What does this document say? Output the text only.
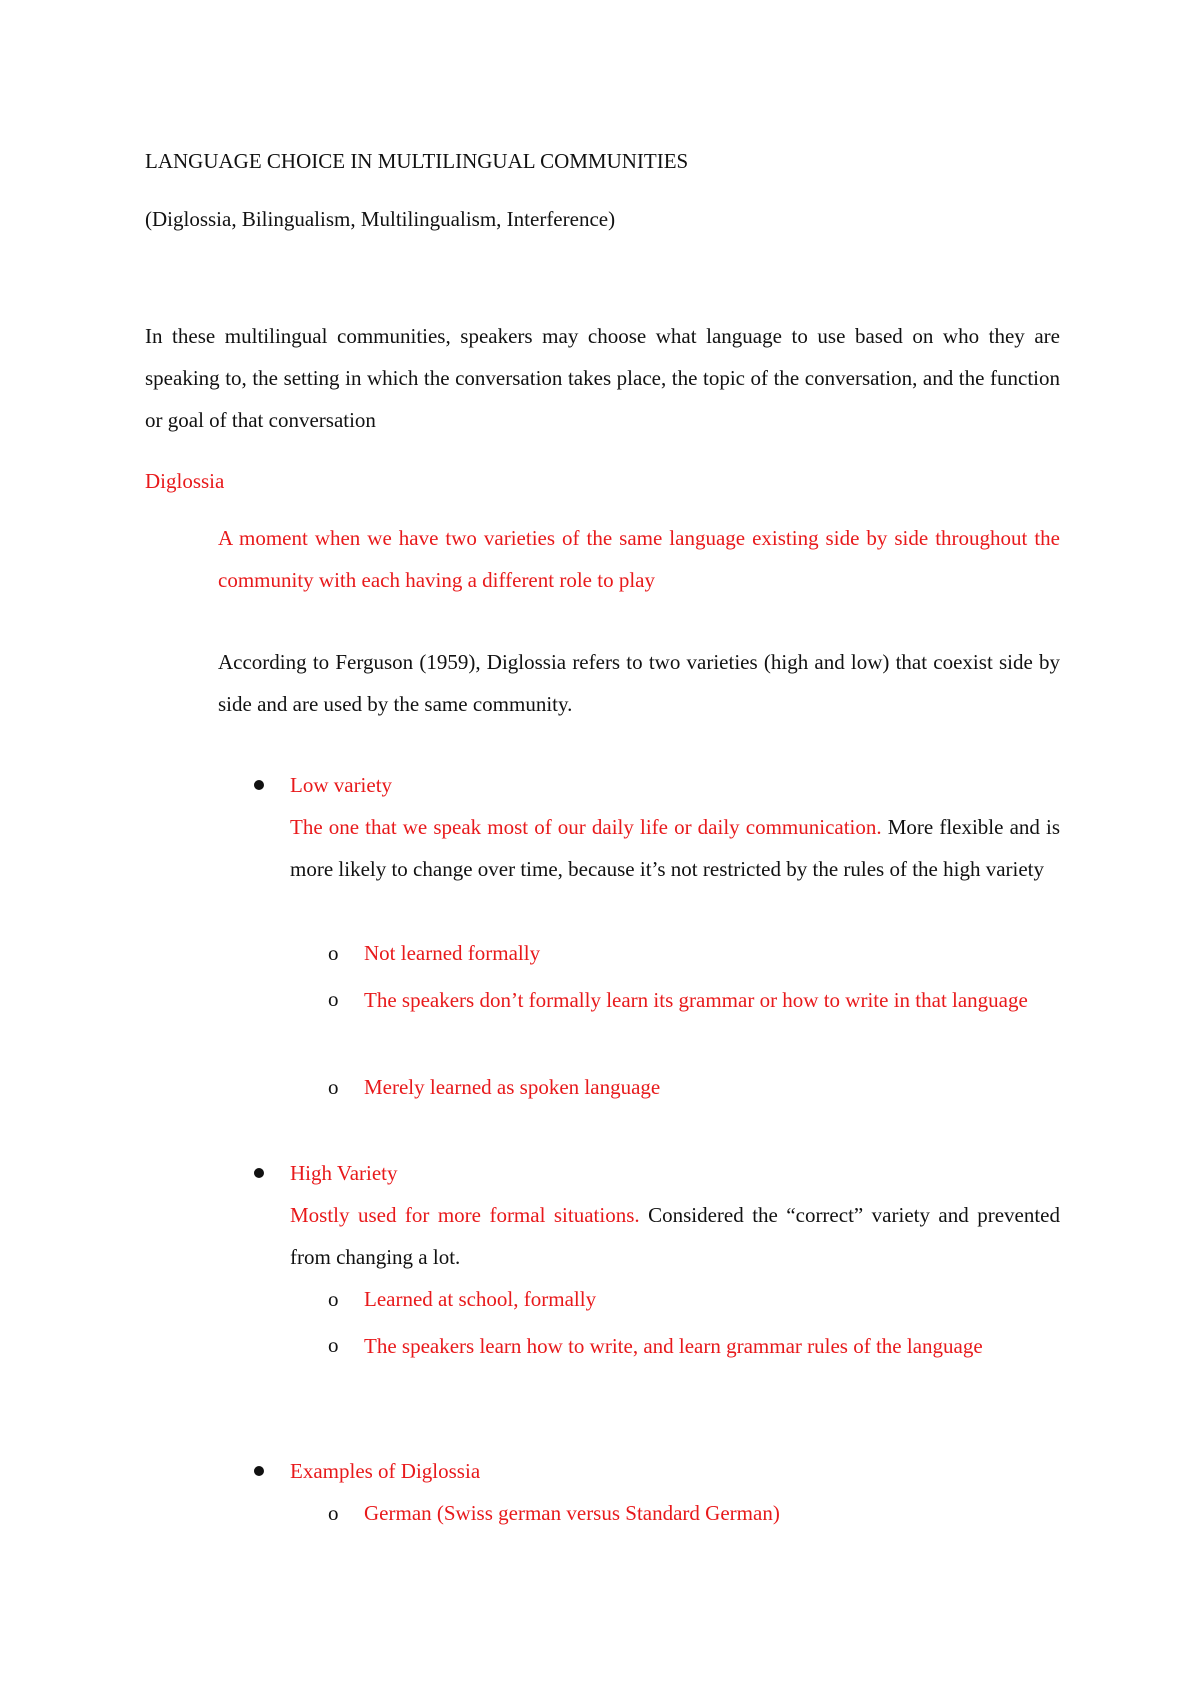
LANGUAGE CHOICE IN MULTILINGUAL COMMUNITIES
(Diglossia, Bilingualism, Multilingualism, Interference)
In these multilingual communities, speakers may choose what language to use based on who they are speaking to, the setting in which the conversation takes place, the topic of the conversation, and the function or goal of that conversation
Diglossia
A moment when we have two varieties of the same language existing side by side throughout the community with each having a different role to play
According to Ferguson (1959), Diglossia refers to two varieties (high and low) that coexist side by side and are used by the same community.
Low variety
The one that we speak most of our daily life or daily communication. More flexible and is more likely to change over time, because it’s not restricted by the rules of the high variety
o Not learned formally
o The speakers don’t formally learn its grammar or how to write in that language
o Merely learned as spoken language
High Variety
Mostly used for more formal situations. Considered the “correct” variety and prevented from changing a lot.
o Learned at school, formally
o The speakers learn how to write, and learn grammar rules of the language
Examples of Diglossia
o German (Swiss german versus Standard German)
